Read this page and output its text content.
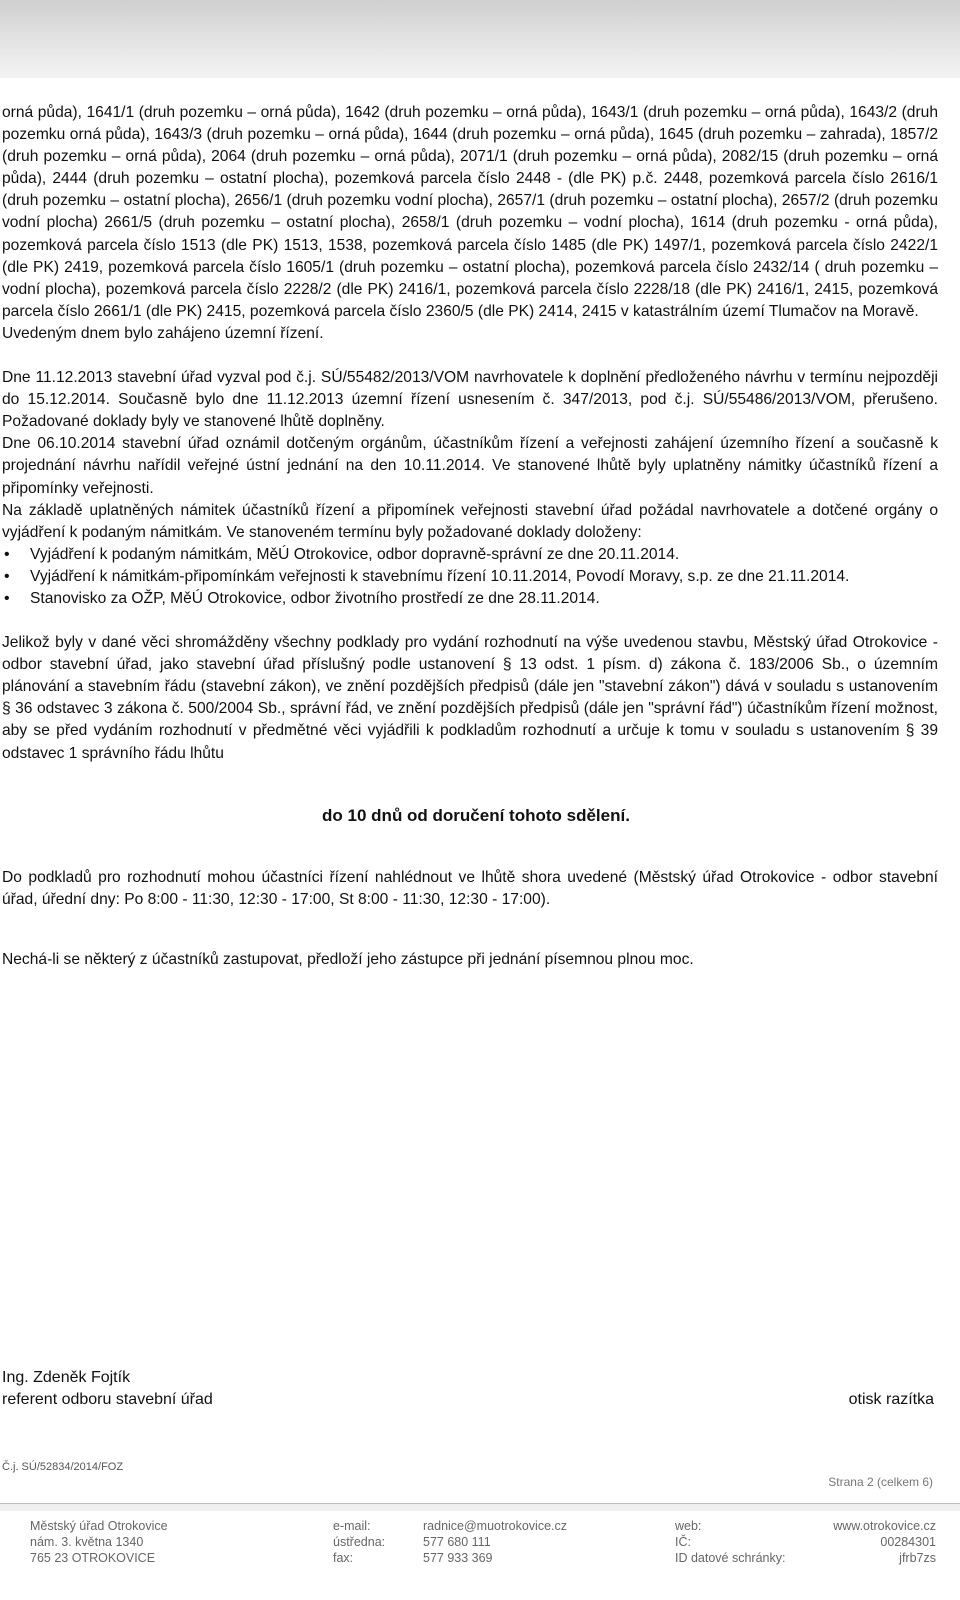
orná půda), 1641/1 (druh pozemku – orná půda), 1642 (druh pozemku – orná půda), 1643/1 (druh pozemku – orná půda), 1643/2 (druh pozemku orná půda), 1643/3 (druh pozemku – orná půda), 1644 (druh pozemku – orná půda), 1645 (druh pozemku – zahrada), 1857/2 (druh pozemku – orná půda), 2064 (druh pozemku – orná půda), 2071/1 (druh pozemku – orná půda), 2082/15 (druh pozemku – orná půda), 2444 (druh pozemku – ostatní plocha), pozemková parcela číslo 2448 - (dle PK) p.č. 2448, pozemková parcela číslo 2616/1 (druh pozemku – ostatní plocha), 2656/1 (druh pozemku vodní plocha), 2657/1 (druh pozemku – ostatní plocha), 2657/2 (druh pozemku vodní plocha) 2661/5 (druh pozemku – ostatní plocha), 2658/1 (druh pozemku – vodní plocha), 1614 (druh pozemku - orná půda), pozemková parcela číslo 1513 (dle PK) 1513, 1538, pozemková parcela číslo 1485 (dle PK) 1497/1, pozemková parcela číslo 2422/1 (dle PK) 2419, pozemková parcela číslo 1605/1 (druh pozemku – ostatní plocha), pozemková parcela číslo 2432/14 ( druh pozemku – vodní plocha), pozemková parcela číslo 2228/2 (dle PK) 2416/1, pozemková parcela číslo 2228/18 (dle PK) 2416/1, 2415, pozemková parcela číslo 2661/1 (dle PK) 2415, pozemková parcela číslo 2360/5 (dle PK) 2414, 2415 v katastrálním území Tlumačov na Moravě.

Uvedeným dnem bylo zahájeno územní řízení.

Dne 11.12.2013 stavební úřad vyzval pod č.j. SÚ/55482/2013/VOM navrhovatele k doplnění předloženého návrhu v termínu nejpozději do 15.12.2014. Současně bylo dne 11.12.2013 územní řízení usnesením č. 347/2013, pod č.j. SÚ/55486/2013/VOM, přerušeno. Požadované doklady byly ve stanovené lhůtě doplněny.

Dne 06.10.2014 stavební úřad oznámil dotčeným orgánům, účastníkům řízení a veřejnosti zahájení územního řízení a současně k projednání návrhu nařídil veřejné ústní jednání na den 10.11.2014. Ve stanovené lhůtě byly uplatněny námitky účastníků řízení a připomínky veřejnosti.

Na základě uplatněných námitek účastníků řízení a připomínek veřejnosti stavební úřad požádal navrhovatele a dotčené orgány o vyjádření k podaným námitkám. Ve stanoveném termínu byly požadované doklady doloženy:

• Vyjádření k podaným námitkám, MěÚ Otrokovice, odbor dopravně-správní ze dne 20.11.2014.
• Vyjádření k námitkám-připomínkám veřejnosti k stavebnímu řízení 10.11.2014, Povodí Moravy, s.p. ze dne 21.11.2014.
• Stanovisko za OŽP, MěÚ Otrokovice, odbor životního prostředí ze dne 28.11.2014.

Jelikož byly v dané věci shromážděny všechny podklady pro vydání rozhodnutí na výše uvedenou stavbu, Městský úřad Otrokovice - odbor stavební úřad, jako stavební úřad příslušný podle ustanovení § 13 odst. 1 písm. d) zákona č. 183/2006 Sb., o územním plánování a stavebním řádu (stavební zákon), ve znění pozdějších předpisů (dále jen "stavební zákon") dává v souladu s ustanovením § 36 odstavec 3 zákona č. 500/2004 Sb., správní řád, ve znění pozdějších předpisů (dále jen "správní řád") účastníkům řízení možnost, aby se před vydáním rozhodnutí v předmětné věci vyjádřili k podkladům rozhodnutí a určuje k tomu v souladu s ustanovením § 39 odstavec 1 správního řádu lhůtu

do 10 dnů od doručení tohoto sdělení.

Do podkladů pro rozhodnutí mohou účastníci řízení nahlédnout ve lhůtě shora uvedené (Městský úřad Otrokovice - odbor stavební úřad, úřední dny: Po 8:00 - 11:30, 12:30 - 17:00, St 8:00 - 11:30, 12:30 - 17:00).

Nechá-li se některý z účastníků zastupovat, předloží jeho zástupce při jednání písemnou plnou moc.

Ing. Zdeněk Fojtík
referent odboru stavební úřad	otisk razítka
Č.j. SÚ/52834/2014/FOZ
Strana 2 (celkem 6)
Městský úřad Otrokovice
nám. 3. května 1340
765 23 OTROKOVICE
e-mail:
ústředna:
fax:
radnice@muotrokovice.cz
577 680 111
577 933 369
web:
IČ:
ID datové schránky:
www.otrokovice.cz
00284301
jfrb7zs
